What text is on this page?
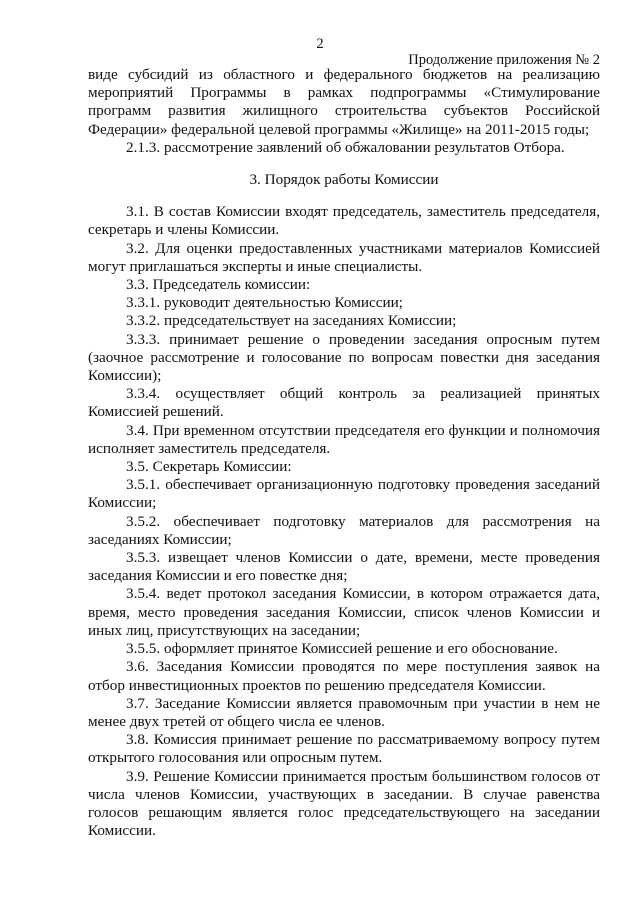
2
Продолжение приложения № 2

виде субсидий из областного и федерального бюджетов на реализацию мероприятий Программы в рамках подпрограммы «Стимулирование программ развития жилищного строительства субъектов Российской Федерации» федеральной целевой программы «Жилище» на 2011-2015 годы;

2.1.3. рассмотрение заявлений об обжаловании результатов Отбора.

3. Порядок работы Комиссии

3.1. В состав Комиссии входят председатель, заместитель председателя, секретарь и члены Комиссии.

3.2. Для оценки предоставленных участниками материалов Комиссией могут приглашаться эксперты и иные специалисты.

3.3. Председатель комиссии:

3.3.1. руководит деятельностью Комиссии;

3.3.2. председательствует на заседаниях Комиссии;

3.3.3. принимает решение о проведении заседания опросным путем (заочное рассмотрение и голосование по вопросам повестки дня заседания Комиссии);

3.3.4. осуществляет общий контроль за реализацией принятых Комиссией решений.

3.4. При временном отсутствии председателя его функции и полномочия исполняет заместитель председателя.

3.5. Секретарь Комиссии:

3.5.1. обеспечивает организационную подготовку проведения заседаний Комиссии;

3.5.2. обеспечивает подготовку материалов для рассмотрения на заседаниях Комиссии;

3.5.3. извещает членов Комиссии о дате, времени, месте проведения заседания Комиссии и его повестке дня;

3.5.4. ведет протокол заседания Комиссии, в котором отражается дата, время, место проведения заседания Комиссии, список членов Комиссии и иных лиц, присутствующих на заседании;

3.5.5. оформляет принятое Комиссией решение и его обоснование.

3.6. Заседания Комиссии проводятся по мере поступления заявок на отбор инвестиционных проектов по решению председателя Комиссии.

3.7. Заседание Комиссии является правомочным при участии в нем не менее двух третей от общего числа ее членов.

3.8. Комиссия принимает решение по рассматриваемому вопросу путем открытого голосования или опросным путем.

3.9. Решение Комиссии принимается простым большинством голосов от числа членов Комиссии, участвующих в заседании. В случае равенства голосов решающим является голос председательствующего на заседании Комиссии.
